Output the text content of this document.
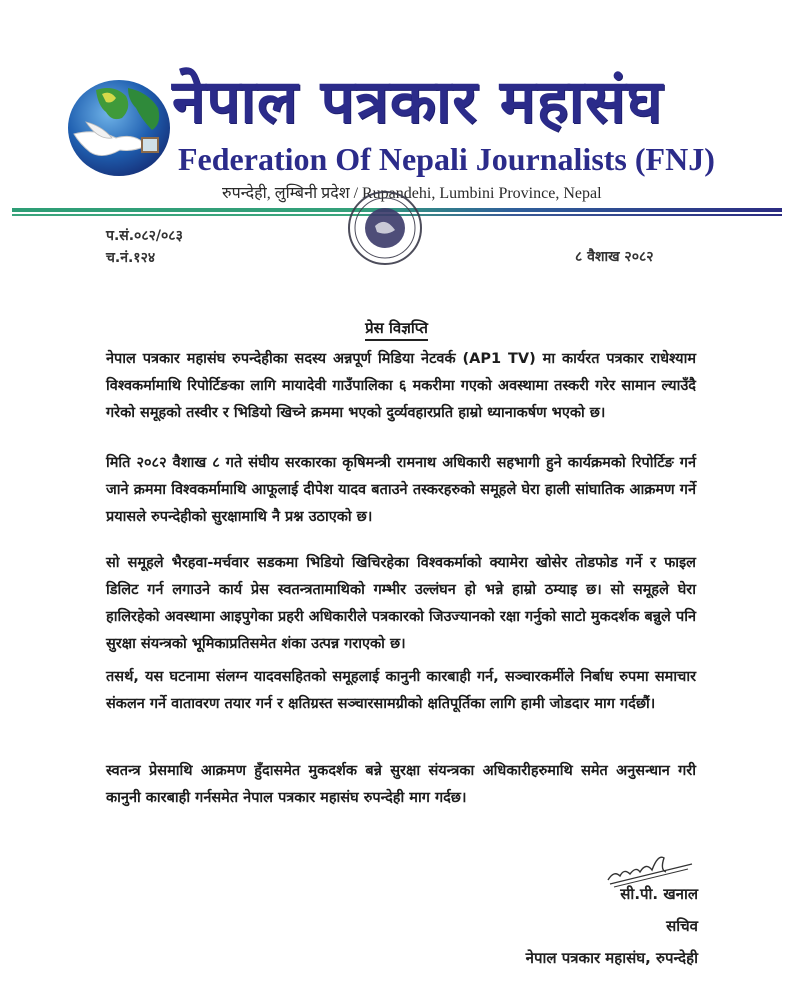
नेपाल पत्रकार महासंघ
Federation Of Nepali Journalists (FNJ)
रुपन्देही, लुम्बिनी प्रदेश / Rupandehi, Lumbini Province, Nepal
प.सं.०८२/०८३
च.नं.१२४	८ वैशाख २०८२
प्रेस विज्ञप्ति
नेपाल पत्रकार महासंघ रुपन्देहीका सदस्य अन्नपूर्ण मिडिया नेटवर्क (AP1 TV) मा कार्यरत पत्रकार राधेश्याम विश्वकर्मामाथि रिपोर्टिङका लागि मायादेवी गाउँपालिका ६ मकरीमा गएको अवस्थामा तस्करी गरेर सामान ल्याउँदै गरेको समूहको तस्वीर र भिडियो खिच्ने क्रममा भएको दुर्व्यवहारप्रति हाम्रो ध्यानाकर्षण भएको छ।
मिति २०८२ वैशाख ८ गते संघीय सरकारका कृषिमन्त्री रामनाथ अधिकारी सहभागी हुने कार्यक्रमको रिपोर्टिङ गर्न जाने क्रममा विश्वकर्मामाथि आफूलाई दीपेश यादव बताउने तस्करहरुको समूहले घेरा हाली सांघातिक आक्रमण गर्ने प्रयासले रुपन्देहीको सुरक्षामाथि नै प्रश्न उठाएको छ।
सो समूहले भैरहवा-मर्चवार सडकमा भिडियो खिचिरहेका विश्वकर्माको क्यामेरा खोसेर तोडफोड गर्ने र फाइल डिलिट गर्न लगाउने कार्य प्रेस स्वतन्त्रतामाथिको गम्भीर उल्लंघन हो भन्ने हाम्रो ठम्याइ छ। सो समूहले घेरा हालिरहेको अवस्थामा आइपुगेका प्रहरी अधिकारीले पत्रकारको जिउज्यानको रक्षा गर्नुको साटो मुकदर्शक बन्नुले पनि सुरक्षा संयन्त्रको भूमिकाप्रतिसमेत शंका उत्पन्न गराएको छ।
तसर्थ, यस घटनामा संलग्न यादवसहितको समूहलाई कानुनी कारबाही गर्न, सञ्चारकर्मीले निर्बाध रुपमा समाचार संकलन गर्ने वातावरण तयार गर्न र क्षतिग्रस्त सञ्चारसामग्रीको क्षतिपूर्तिका लागि हामी जोडदार माग गर्दछौं।
स्वतन्त्र प्रेसमाथि आक्रमण हुँदासमेत मुकदर्शक बन्ने सुरक्षा संयन्त्रका अधिकारीहरुमाथि समेत अनुसन्धान गरी कानुनी कारबाही गर्नसमेत नेपाल पत्रकार महासंघ रुपन्देही माग गर्दछ।
सी.पी. खनाल
सचिव
नेपाल पत्रकार महासंघ, रुपन्देही
